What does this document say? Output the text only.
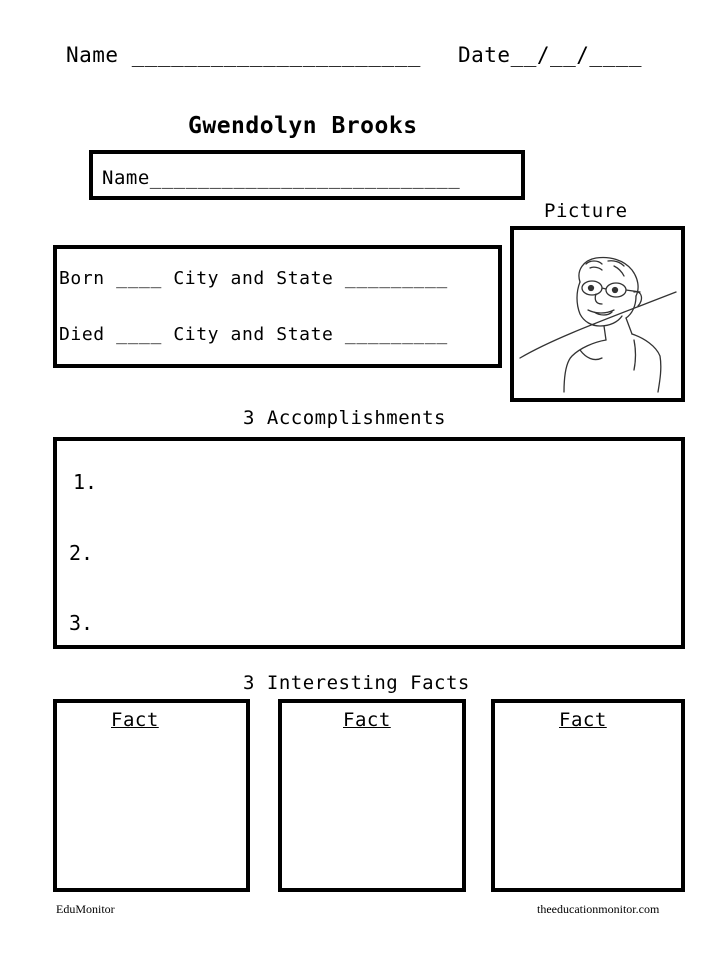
Name ______________________ Date__/__/____
Gwendolyn Brooks
Name__________________________
Picture
Born ____ City and State _________
Died ____ City and State _________
3 Accomplishments
1.
2.
3.
3 Interesting Facts
Fact	Fact	Fact
EduMonitor	theeducationmonitor.com
